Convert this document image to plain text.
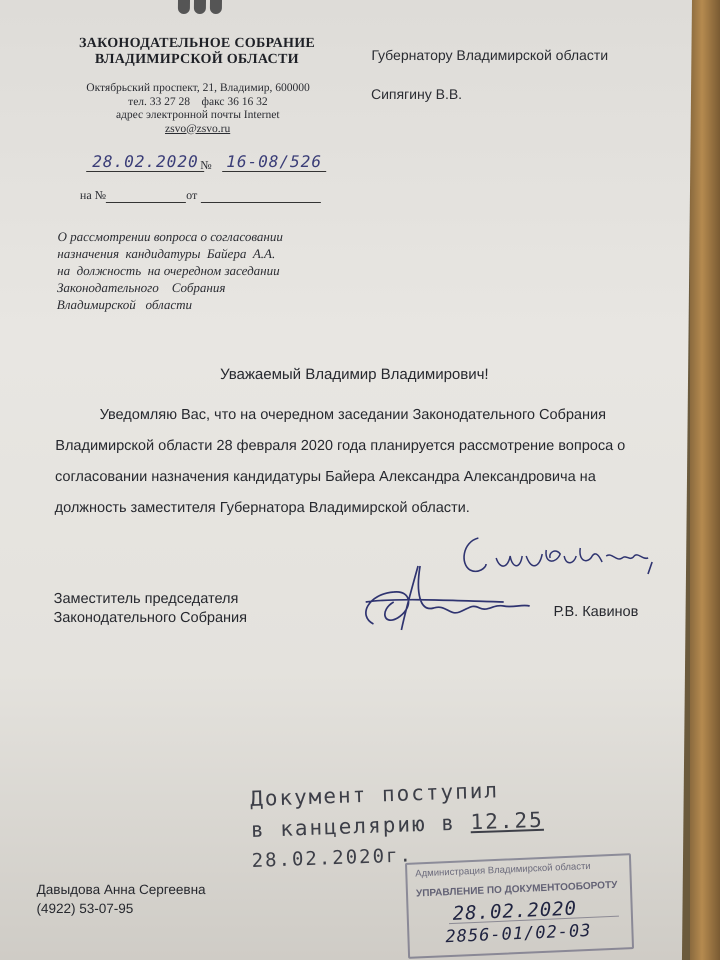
ЗАКОНОДАТЕЛЬНОЕ СОБРАНИЕ
ВЛАДИМИРСКОЙ ОБЛАСТИ
Октябрьский проспект, 21, Владимир, 600000
тел. 33 27 28    факс 36 16 32
адрес электронной почты Internet
zsvo@zsvo.ru
Губернатору Владимирской области
Сипягину В.В.
28.02.2020 № 16-08/526
на №	от
О рассмотрении вопроса о согласовании
назначения  кандидатуры  Байера  А.А.
на  должность  на очередном заседании
Законодательного    Собрания
Владимирской   области
Уважаемый Владимир Владимирович!
Уведомляю Вас, что на очередном заседании Законодательного Собрания
Владимирской области 28 февраля 2020 года планируется рассмотрение вопроса о
согласовании назначения кандидатуры Байера Александра Александровича на
должность заместителя Губернатора Владимирской области.
Заместитель председателя
Законодательного Собрания	Р.В. Кавинов
Документ поступил
в канцелярию в 12.25
28.02.2020г. Администрация Владимирской области
УПРАВЛЕНИЕ ПО ДОКУМЕНТООБОРОТУ
28.02.2020
2856-01/02-03
Давыдова Анна Сергеевна
(4922) 53-07-95
